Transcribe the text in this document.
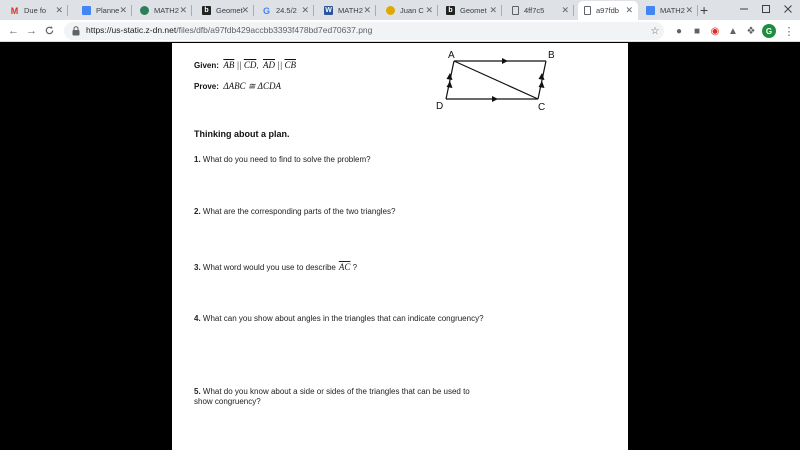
+
M Due fo ✕	Planne ✕	MATH2 ✕	b Geomet
✕ G 24.5/2 ✕ W MATH2 ✕	Juan C ✕	b Geomet ✕	4ff7c5 ✕	a97fdb ✕	MATH2 ✕
← →	https://us-static.z-dn.net/files/dfb/a97fdb429accbb3393f478bd7ed70637.png	☆	●	■	◉ ▲ ❖	G	⋮
Given: $\overline{AB}$ || $\overline{CD}$, $\overline{AD}$ || $\overline{CB}$
Prove: ΔABC ≅ ΔCDA
A	B
C
D
Thinking about a plan.
1. What do you need to find to solve the problem?
2. What are the corresponding parts of the two triangles?
3. What word would you use to describe $\overline{AC}$ ?
4. What can you show about angles in the triangles that can indicate congruency?
5. What do you know about a side or sides of the triangles that can be used to show congruency?
